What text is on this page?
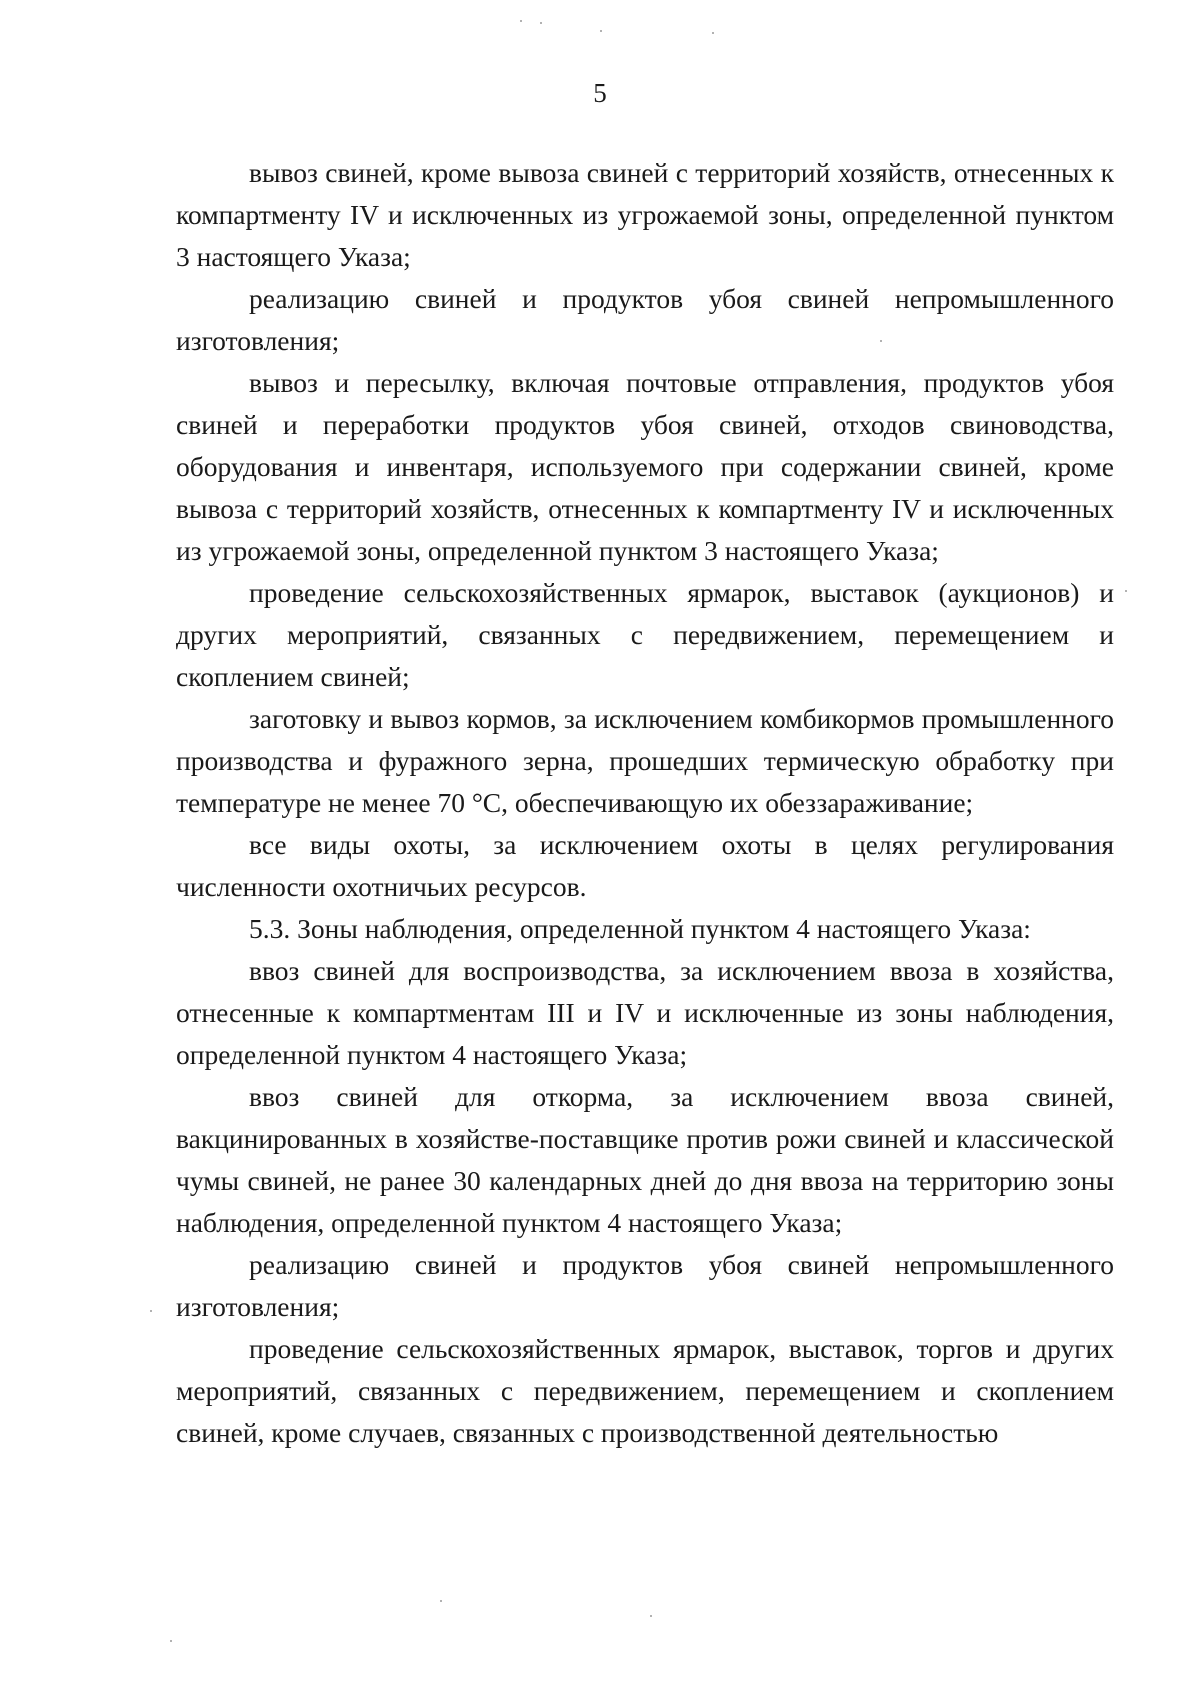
5

вывоз свиней, кроме вывоза свиней с территорий хозяйств, отнесенных к компартменту IV и исключенных из угрожаемой зоны, определенной пунктом 3 настоящего Указа;

реализацию свиней и продуктов убоя свиней непромышленного изготовления;

вывоз и пересылку, включая почтовые отправления, продуктов убоя свиней и переработки продуктов убоя свиней, отходов свиноводства, оборудования и инвентаря, используемого при содержании свиней, кроме вывоза с территорий хозяйств, отнесенных к компартменту IV и исключенных из угрожаемой зоны, определенной пунктом 3 настоящего Указа;

проведение сельскохозяйственных ярмарок, выставок (аукционов) и других мероприятий, связанных с передвижением, перемещением и скоплением свиней;

заготовку и вывоз кормов, за исключением комбикормов промышленного производства и фуражного зерна, прошедших термическую обработку при температуре не менее 70 °С, обеспечивающую их обеззараживание;

все виды охоты, за исключением охоты в целях регулирования численности охотничьих ресурсов.

5.3. Зоны наблюдения, определенной пунктом 4 настоящего Указа:

ввоз свиней для воспроизводства, за исключением ввоза в хозяйства, отнесенные к компартментам III и IV и исключенные из зоны наблюдения, определенной пунктом 4 настоящего Указа;

ввоз свиней для откорма, за исключением ввоза свиней, вакцинированных в хозяйстве-поставщике против рожи свиней и классической чумы свиней, не ранее 30 календарных дней до дня ввоза на территорию зоны наблюдения, определенной пунктом 4 настоящего Указа;

реализацию свиней и продуктов убоя свиней непромышленного изготовления;

проведение сельскохозяйственных ярмарок, выставок, торгов и других мероприятий, связанных с передвижением, перемещением и скоплением свиней, кроме случаев, связанных с производственной деятельностью
